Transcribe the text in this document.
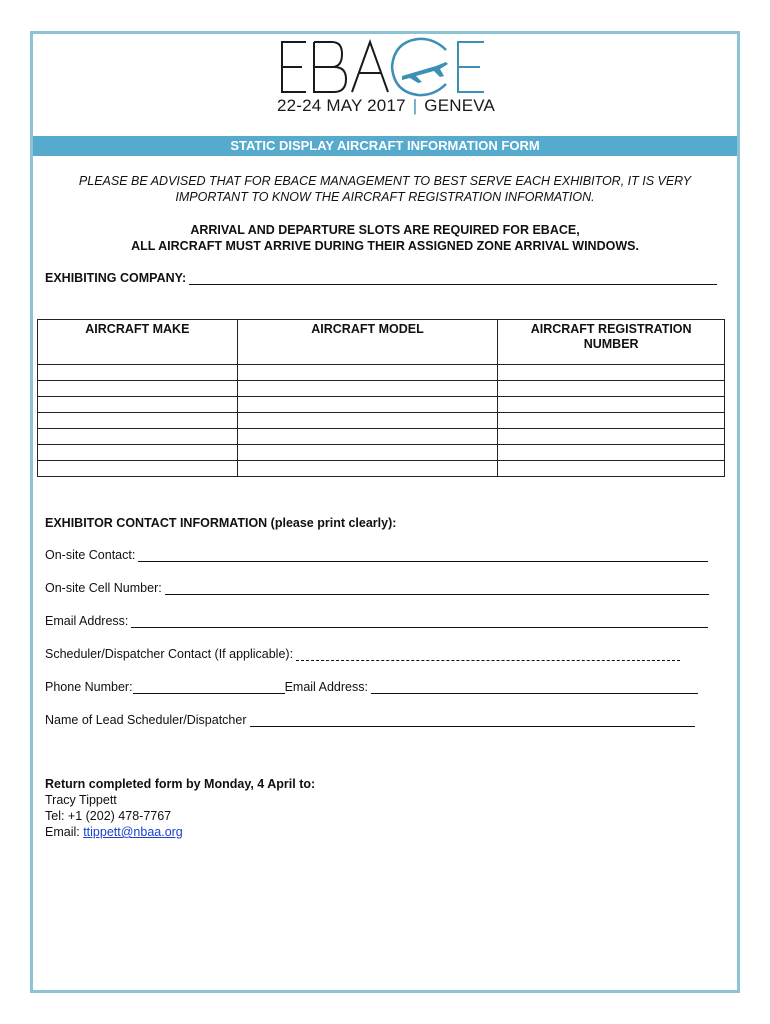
22-24 MAY 2017 | GENEVA
STATIC DISPLAY AIRCRAFT INFORMATION FORM
PLEASE BE ADVISED THAT FOR EBACE MANAGEMENT TO BEST SERVE EACH EXHIBITOR, IT IS VERY
IMPORTANT TO KNOW THE AIRCRAFT REGISTRATION INFORMATION.
ARRIVAL AND DEPARTURE SLOTS ARE REQUIRED FOR EBACE,
ALL AIRCRAFT MUST ARRIVE DURING THEIR ASSIGNED ZONE ARRIVAL WINDOWS.
EXHIBITING COMPANY:
AIRCRAFT MAKE	AIRCRAFT MODEL	AIRCRAFT REGISTRATION
NUMBER

EXHIBITOR CONTACT INFORMATION (please print clearly):
On-site Contact:
On-site Cell Number:
Email Address:
Scheduler/Dispatcher Contact (If applicable):
Phone Number:	Email Address:
Name of Lead Scheduler/Dispatcher
Return completed form by Monday, 4 April to:
Tracy Tippett
Tel: +1 (202) 478-7767
Email: ttippett@nbaa.org
